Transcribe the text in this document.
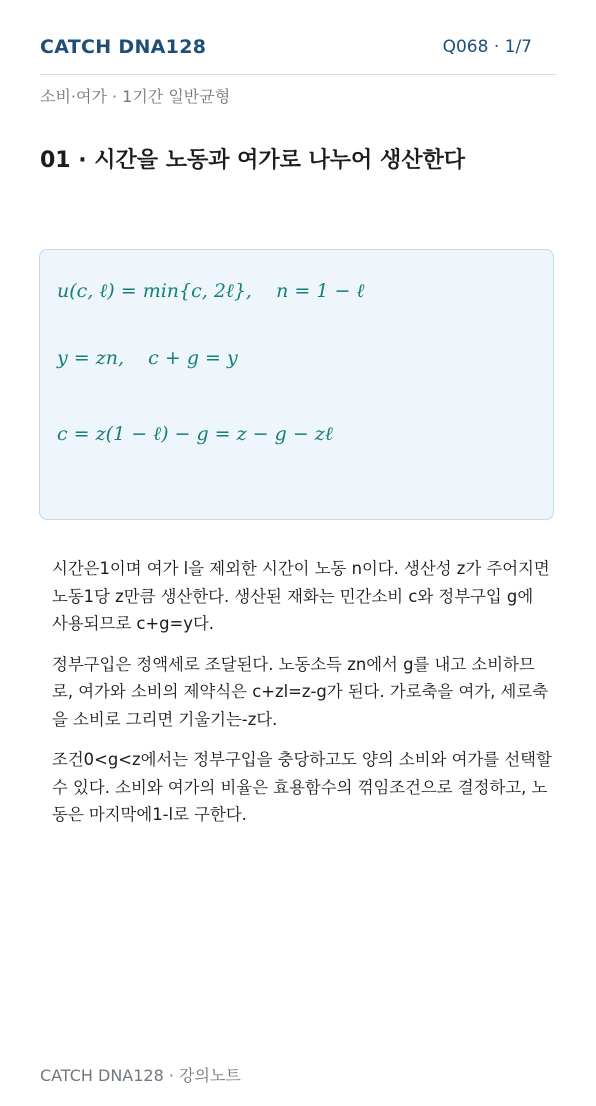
CATCH DNA128	Q068 · 1/7
소비·여가 · 1기간 일반균형
01 · 시간을 노동과 여가로 나누어 생산한다
u(c, ℓ) = min{c, 2ℓ},    n = 1 − ℓ
y = zn,    c + g = y
c = z(1 − ℓ) − g = z − g − zℓ

시간은1이며 여가 l을 제외한 시간이 노동 n이다. 생산성 z가 주어지면 노동1당 z만큼 생산한다. 생산된 재화는 민간소비 c와 정부구입 g에 사용되므로 c+g=y다.

정부구입은 정액세로 조달된다. 노동소득 zn에서 g를 내고 소비하므로, 여가와 소비의 제약식은 c+zl=z-g가 된다. 가로축을 여가, 세로축을 소비로 그리면 기울기는-z다.

조건0<g<z에서는 정부구입을 충당하고도 양의 소비와 여가를 선택할 수 있다. 소비와 여가의 비율은 효용함수의 꺾임조건으로 결정하고, 노동은 마지막에1-l로 구한다.

CATCH DNA128 · 강의노트
